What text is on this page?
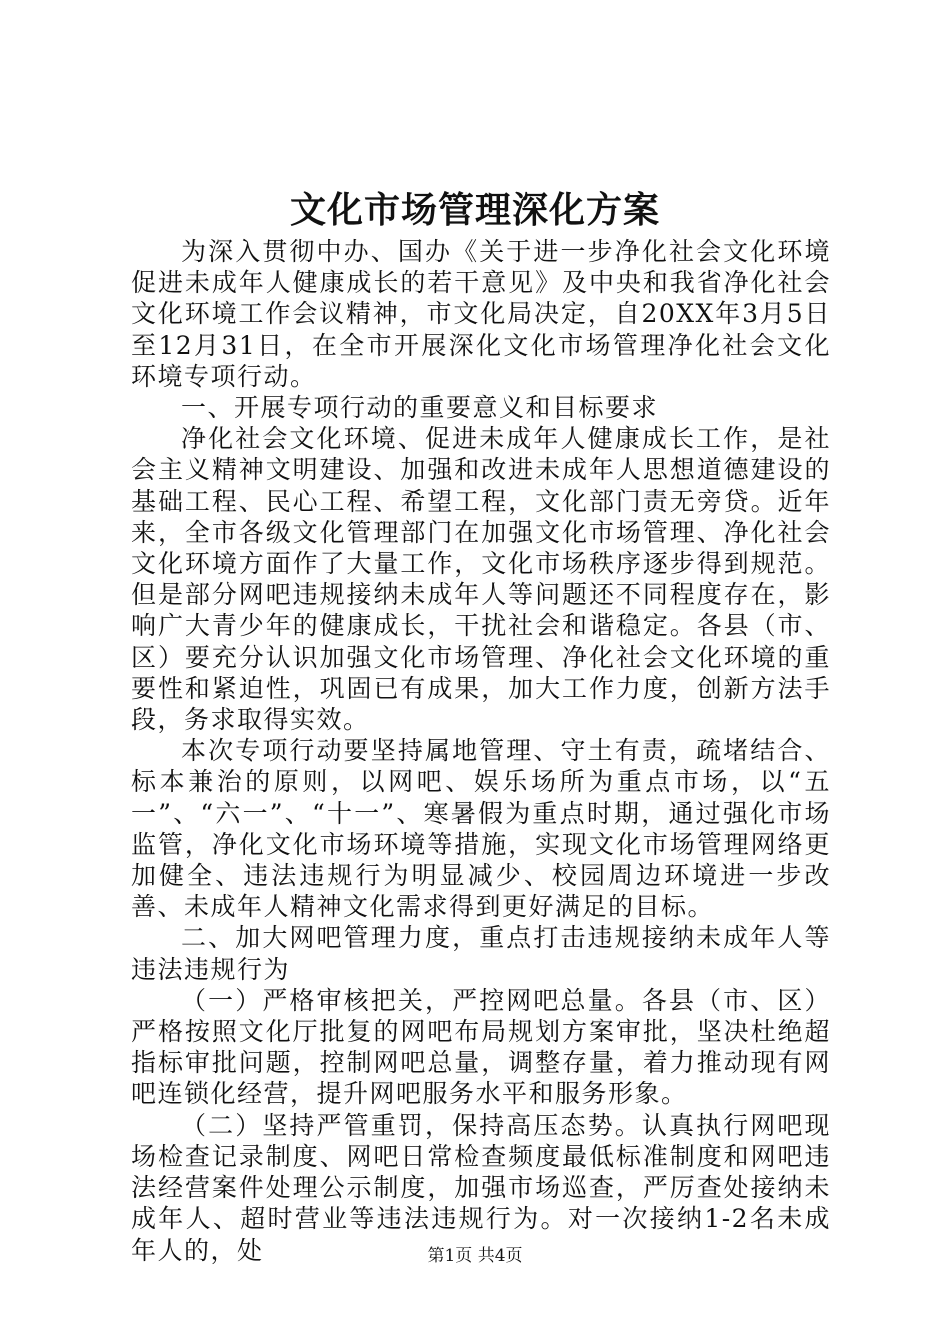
文化市场管理深化方案

为深入贯彻中办、国办《关于进一步净化社会文化环境促进未成年人健康成长的若干意见》及中央和我省净化社会文化环境工作会议精神，市文化局决定，自20XX年3月5日至12月31日，在全市开展深化文化市场管理净化社会文化环境专项行动。

一、开展专项行动的重要意义和目标要求

净化社会文化环境、促进未成年人健康成长工作，是社会主义精神文明建设、加强和改进未成年人思想道德建设的基础工程、民心工程、希望工程，文化部门责无旁贷。近年来，全市各级文化管理部门在加强文化市场管理、净化社会文化环境方面作了大量工作，文化市场秩序逐步得到规范。但是部分网吧违规接纳未成年人等问题还不同程度存在，影响广大青少年的健康成长，干扰社会和谐稳定。各县（市、区）要充分认识加强文化市场管理、净化社会文化环境的重要性和紧迫性，巩固已有成果，加大工作力度，创新方法手段，务求取得实效。

本次专项行动要坚持属地管理、守土有责，疏堵结合、标本兼治的原则，以网吧、娱乐场所为重点市场，以“五一”、“六一”、“十一”、寒暑假为重点时期，通过强化市场监管，净化文化市场环境等措施，实现文化市场管理网络更加健全、违法违规行为明显减少、校园周边环境进一步改善、未成年人精神文化需求得到更好满足的目标。

二、加大网吧管理力度，重点打击违规接纳未成年人等违法违规行为

（一）严格审核把关，严控网吧总量。各县（市、区）严格按照文化厅批复的网吧布局规划方案审批，坚决杜绝超指标审批问题，控制网吧总量，调整存量，着力推动现有网吧连锁化经营，提升网吧服务水平和服务形象。

（二）坚持严管重罚，保持高压态势。认真执行网吧现场检查记录制度、网吧日常检查频度最低标准制度和网吧违法经营案件处理公示制度，加强市场巡查，严厉查处接纳未成年人、超时营业等违法违规行为。对一次接纳1-2名未成年人的，处	第1页 共4页
